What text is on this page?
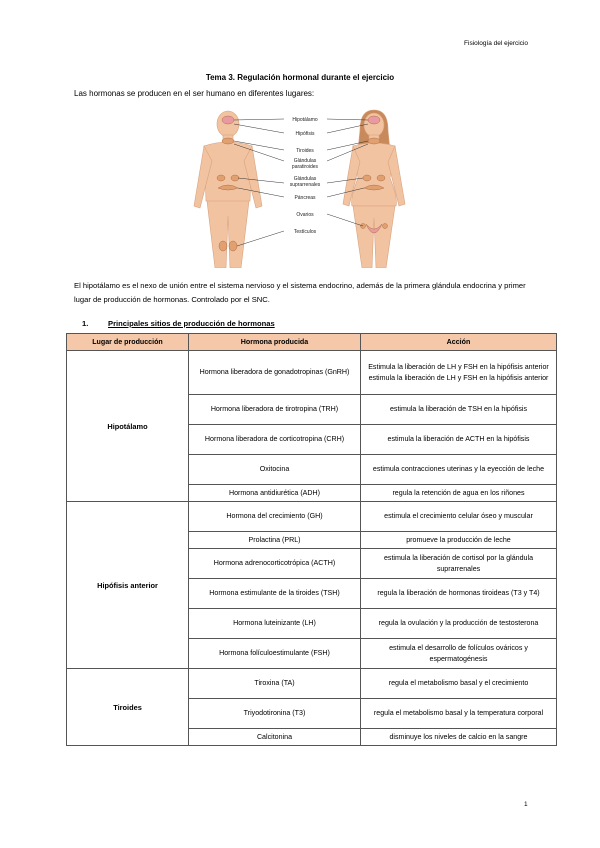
Fisiología del ejercicio
Tema 3. Regulación hormonal durante el ejercicio
Las hormonas se producen en el ser humano en diferentes lugares:
Hipotálamo
Hipófisis
Tiroides
Glándulas
paratiroides
Glándulas
suprarrenales
Páncreas
Ovarios
Testículos
El hipotálamo es el nexo de unión entre el sistema nervioso y el sistema endocrino, además de la primera glándula endocrina y primer lugar de producción de hormonas. Controlado por el SNC.
1.	Principales sitios de producción de hormonas
Lugar de producción	Hormona producida	Acción
Hipotálamo	Hormona liberadora de gonadotropinas (GnRH)	Estimula la liberación de LH y FSH en la hipófisis anterior estimula la liberación de LH y FSH en la hipófisis anterior
	Hormona liberadora de tirotropina (TRH)	estimula la liberación de TSH en la hipófisis
	Hormona liberadora de corticotropina (CRH)	estimula la liberación de ACTH en la hipófisis
	Oxitocina	estimula contracciones uterinas y la eyección de leche
	Hormona antidiurética (ADH)	regula la retención de agua en los riñones
Hipófisis anterior	Hormona del crecimiento (GH)	estimula el crecimiento celular óseo y muscular
	Prolactina (PRL)	promueve la producción de leche
	Hormona adrenocorticotrópica (ACTH)	estimula la liberación de cortisol por la glándula suprarrenales
	Hormona estimulante de la tiroides (TSH)	regula la liberación de hormonas tiroideas (T3 y T4)
	Hormona luteinizante (LH)	regula la ovulación y la producción de testosterona
	Hormona folículoestimulante (FSH)	estimula el desarrollo de folículos ováricos y espermatogénesis
Tiroides	Tiroxina (TA)	regula el metabolismo basal y el crecimiento
	Triyodotironina (T3)	regula el metabolismo basal y la temperatura corporal
	Calcitonina	disminuye los niveles de calcio en la sangre
1
